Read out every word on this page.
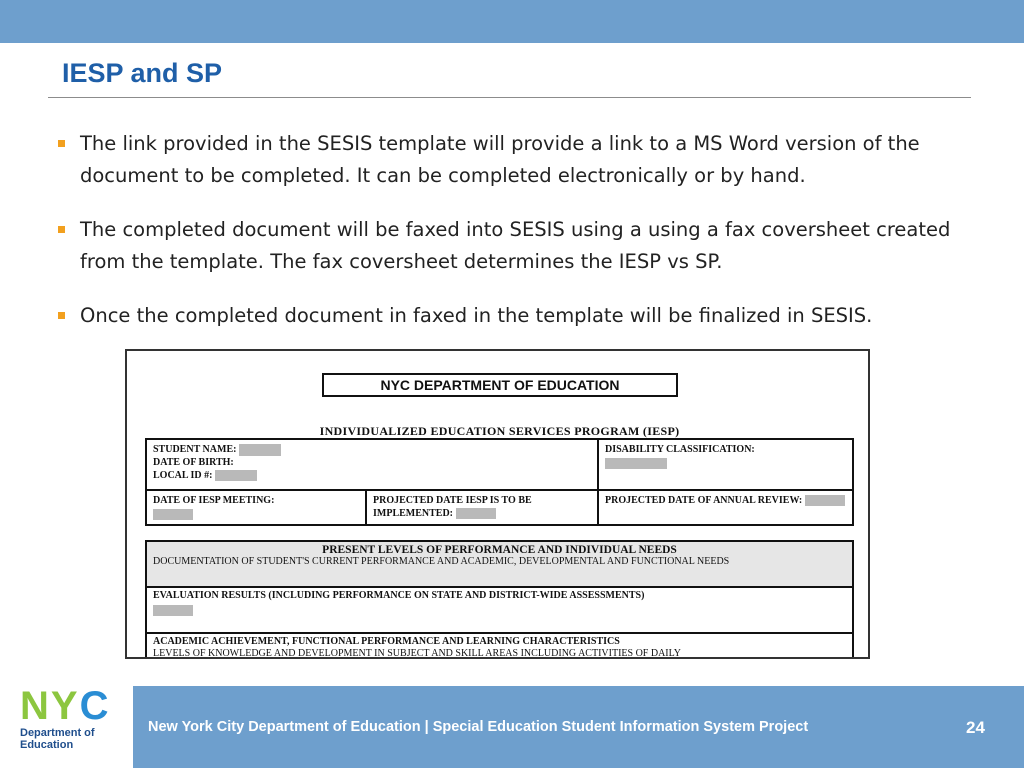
IESP and SP
The link provided in the SESIS template will provide a link to a MS Word version of the document to be completed. It can be completed electronically or by hand.
The completed document will be faxed into SESIS using a using a fax coversheet created from the template. The fax coversheet determines the IESP vs SP.
Once the completed document in faxed in the template will be finalized in SESIS.
NYC DEPARTMENT OF EDUCATION
INDIVIDUALIZED EDUCATION SERVICES PROGRAM (IESP)
STUDENT NAME:
DATE OF BIRTH:
LOCAL ID #:
DISABILITY CLASSIFICATION:
DATE OF IESP MEETING:	PROJECTED DATE IESP IS TO BE IMPLEMENTED:
PROJECTED DATE OF ANNUAL REVIEW:
PRESENT LEVELS OF PERFORMANCE AND INDIVIDUAL NEEDS
DOCUMENTATION OF STUDENT'S CURRENT PERFORMANCE AND ACADEMIC, DEVELOPMENTAL AND FUNCTIONAL NEEDS
EVALUATION RESULTS (INCLUDING PERFORMANCE ON STATE AND DISTRICT-WIDE ASSESSMENTS)
ACADEMIC ACHIEVEMENT, FUNCTIONAL PERFORMANCE AND LEARNING CHARACTERISTICS
LEVELS OF KNOWLEDGE AND DEVELOPMENT IN SUBJECT AND SKILL AREAS INCLUDING ACTIVITIES OF DAILY
N Y C
Department of
Education
New York City Department of Education | Special Education Student Information System Project	24
